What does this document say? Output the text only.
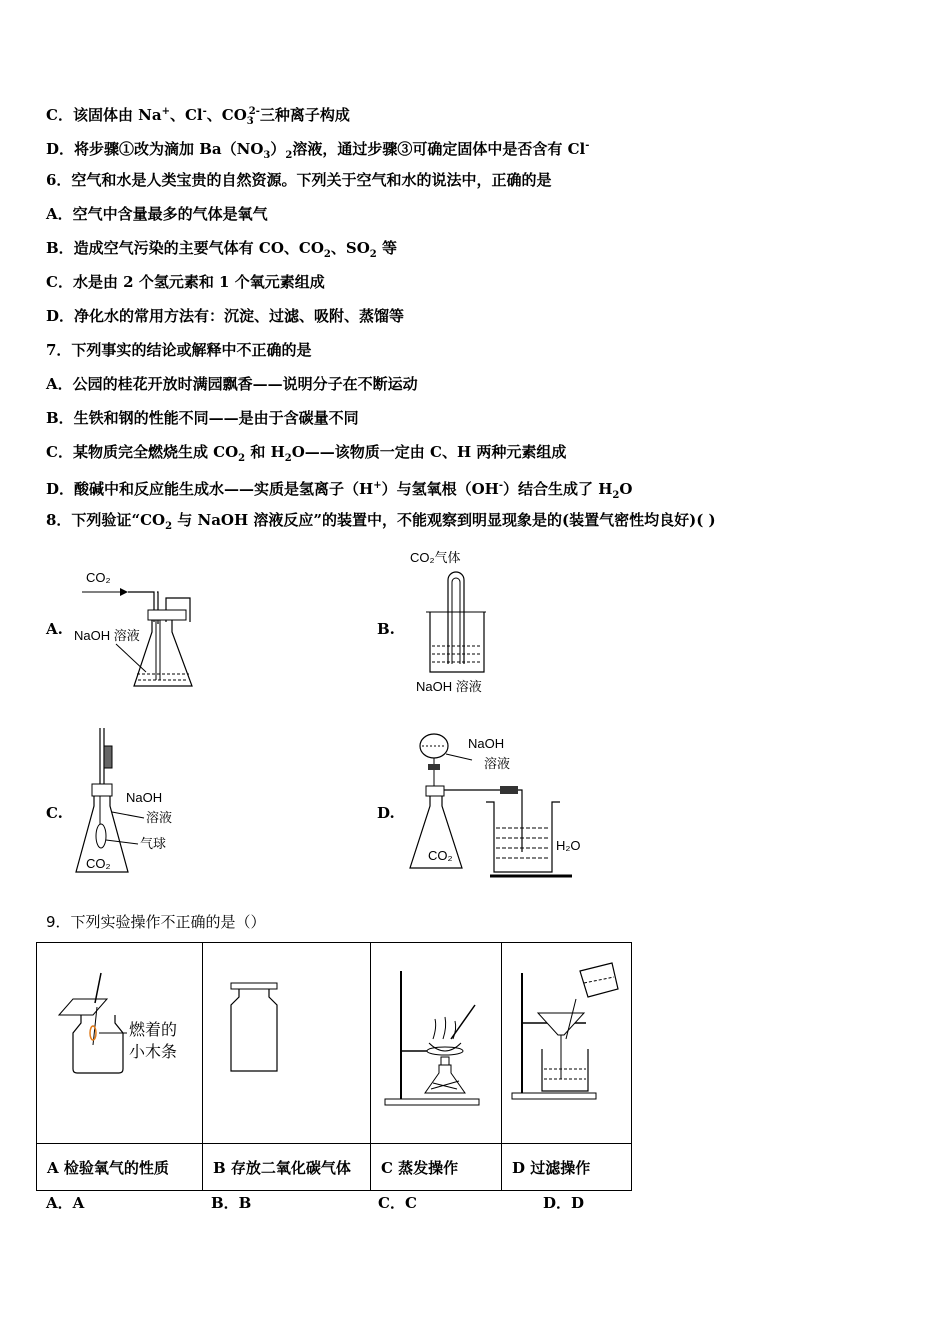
C．该固体由 Na+、Cl-、$CO_3^{2-}$三种离子构成
D．将步骤①改为滴加 $Ba(NO_3)_2$溶液，通过步骤③可确定固体中是否含有 Cl-
6．空气和水是人类宝贵的自然资源。下列关于空气和水的说法中，正确的是
A．空气中含量最多的气体是氧气
B．造成空气污染的主要气体有 CO、$CO_2$、$SO_2$ 等
C．水是由 2 个氢元素和 1 个氧元素组成
D．净化水的常用方法有：沉淀、过滤、吸附、蒸馏等
7．下列事实的结论或解释中不正确的是
A．公园的桂花开放时满园飘香——说明分子在不断运动
B．生铁和钢的性能不同——是由于含碳量不同
C．某物质完全燃烧生成 $CO_2$ 和 $H_2O——$该物质一定由 C、H 两种元素组成
D．酸碱中和反应能生成水——实质是氢离子（H+）与氢氧根（OH-）结合生成了 $H_2O$
8．下列验证“$CO_2$ 与 NaOH 溶液反应”的装置中，不能观察到明显现象是的(装置气密性均良好)( )
A.	B.
C.	D.
CO₂
NaOH 溶液
CO₂气体
NaOH 溶液
NaOH
溶液
气球
CO₂
NaOH
溶液
CO₂
H₂O
9．下列实验操作不正确的是（）
燃着的
小木条

A 检验氧气的性质	B 存放二氧化碳气体	C 蒸发操作	D 过滤操作
A．A	B．B	C．C	D．D
